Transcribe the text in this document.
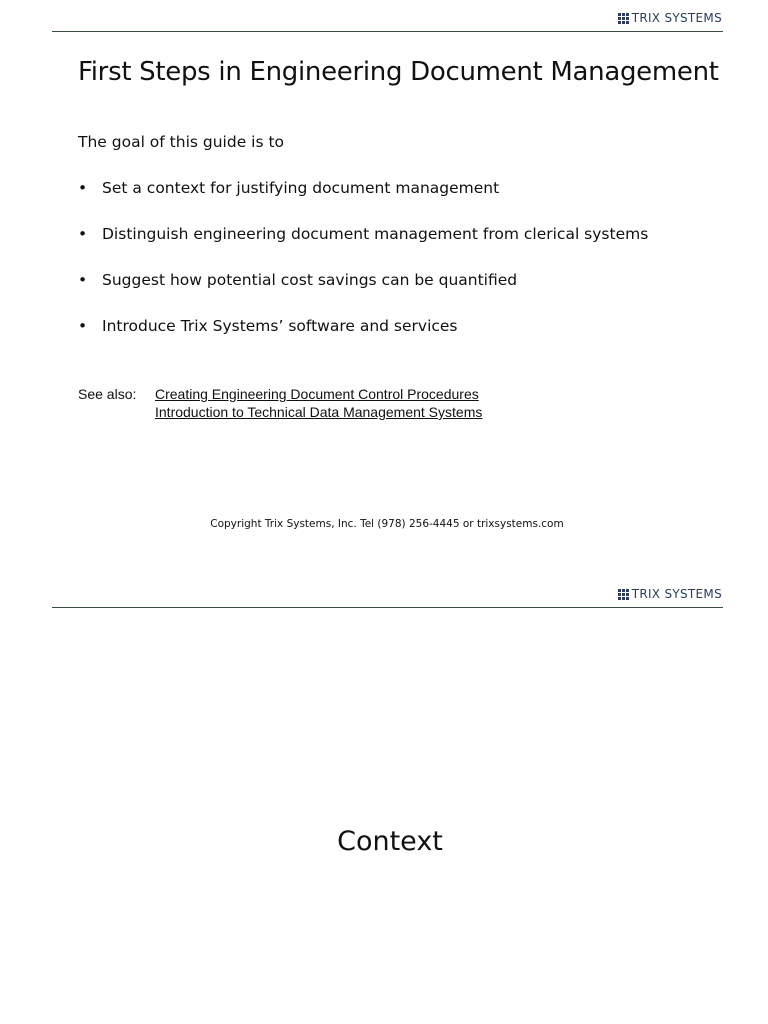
TRIX SYSTEMS
First Steps in Engineering Document Management
The goal of this guide is to
• Set a context for justifying document management
• Distinguish engineering document management from clerical systems
• Suggest how potential cost savings can be quantified
• Introduce Trix Systems’ software and services
See also:	Creating Engineering Document Control Procedures
Introduction to Technical Data Management Systems
Copyright Trix Systems, Inc. Tel (978) 256-4445 or trixsystems.com
TRIX SYSTEMS
Context
